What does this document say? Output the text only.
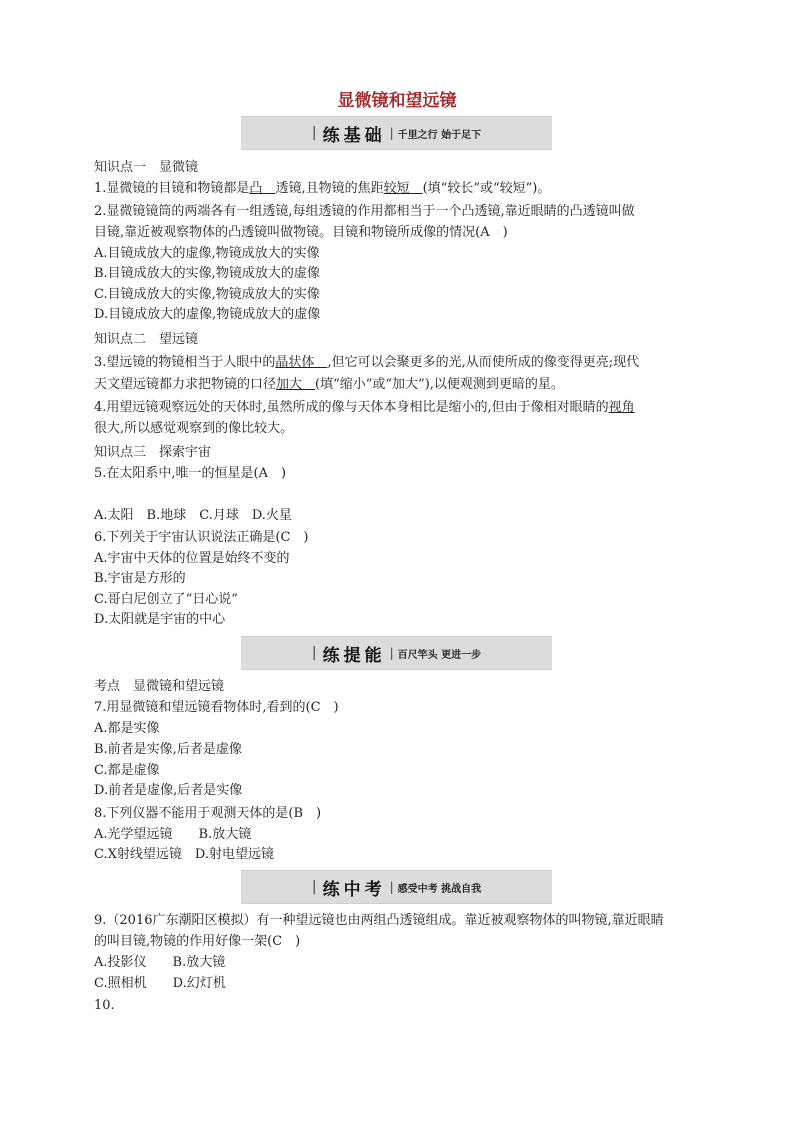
显微镜和望远镜
| 练基础 | 千里之行 始于足下
知识点一　显微镜
1.显微镜的目镜和物镜都是凸　 透镜,且物镜的焦距较短　 (填“较长”或“较短”)。
2.显微镜镜筒的两端各有一组透镜,每组透镜的作用都相当于一个凸透镜,靠近眼睛的凸透镜叫做
目镜,靠近被观察物体的凸透镜叫做物镜。目镜和物镜所成像的情况(A　)
A.目镜成放大的虚像,物镜成放大的实像
B.目镜成放大的实像,物镜成放大的虚像
C.目镜成放大的实像,物镜成放大的实像
D.目镜成放大的虚像,物镜成放大的虚像
知识点二　望远镜
3.望远镜的物镜相当于人眼中的晶状体　 ,但它可以会聚更多的光,从而使所成的像变得更亮;现代
天文望远镜都力求把物镜的口径加大　 (填“缩小”或“加大”),以便观测到更暗的星。
4.用望远镜观察远处的天体时,虽然所成的像与天体本身相比是缩小的,但由于像相对眼睛的视角
很大,所以感觉观察到的像比较大。
知识点三　探索宇宙
5.在太阳系中,唯一的恒星是(A　)
A.太阳　B.地球　C.月球　D.火星
6.下列关于宇宙认识说法正确是(C　)
A.宇宙中天体的位置是始终不变的
B.宇宙是方形的
C.哥白尼创立了“日心说”
D.太阳就是宇宙的中心
| 练提能 | 百尺竿头 更进一步
考点　显微镜和望远镜
7.用显微镜和望远镜看物体时,看到的(C　)
A.都是实像
B.前者是实像,后者是虚像
C.都是虚像
D.前者是虚像,后者是实像
8.下列仪器不能用于观测天体的是(B　)
A.光学望远镜　　B.放大镜
C.X射线望远镜　D.射电望远镜
| 练中考 | 感受中考 挑战自我
9.（2016广东潮阳区模拟）有一种望远镜也由两组凸透镜组成。靠近被观察物体的叫物镜,靠近眼睛
的叫目镜,物镜的作用好像一架(C　)
A.投影仪　　B.放大镜
C.照相机　　D.幻灯机
10.
